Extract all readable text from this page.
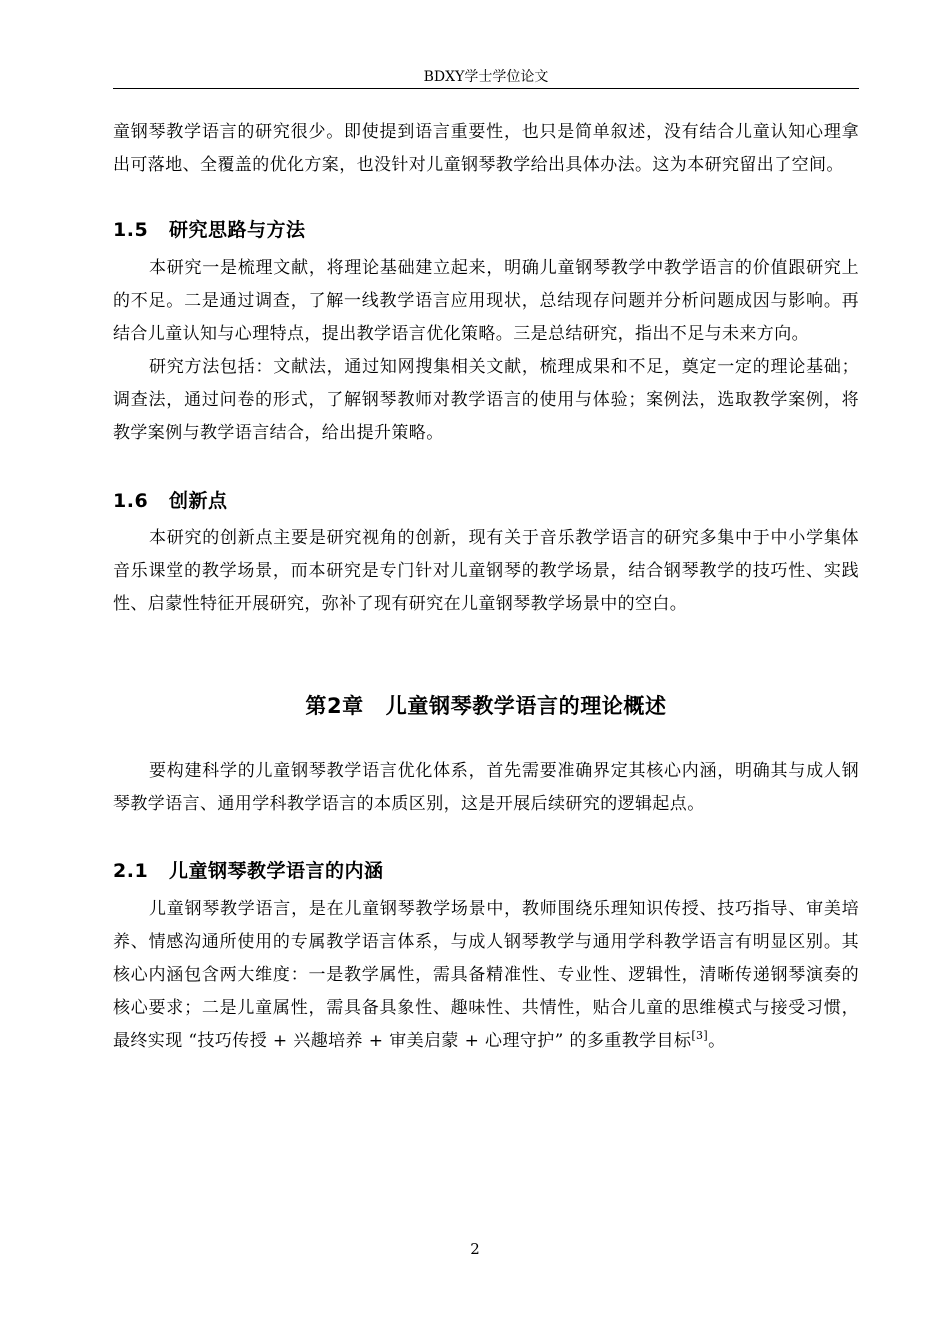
BDXY学士学位论文

童钢琴教学语言的研究很少。即使提到语言重要性，也只是简单叙述，没有结合儿童认知心理拿出可落地、全覆盖的优化方案，也没针对儿童钢琴教学给出具体办法。这为本研究留出了空间。

1.5 研究思路与方法

本研究一是梳理文献，将理论基础建立起来，明确儿童钢琴教学中教学语言的价值跟研究上的不足。二是通过调查，了解一线教学语言应用现状，总结现存问题并分析问题成因与影响。再结合儿童认知与心理特点，提出教学语言优化策略。三是总结研究，指出不足与未来方向。

研究方法包括：文献法，通过知网搜集相关文献，梳理成果和不足，奠定一定的理论基础；调查法，通过问卷的形式，了解钢琴教师对教学语言的使用与体验；案例法，选取教学案例，将教学案例与教学语言结合，给出提升策略。

1.6 创新点

本研究的创新点主要是研究视角的创新，现有关于音乐教学语言的研究多集中于中小学集体音乐课堂的教学场景，而本研究是专门针对儿童钢琴的教学场景，结合钢琴教学的技巧性、实践性、启蒙性特征开展研究，弥补了现有研究在儿童钢琴教学场景中的空白。

第2章 儿童钢琴教学语言的理论概述

要构建科学的儿童钢琴教学语言优化体系，首先需要准确界定其核心内涵，明确其与成人钢琴教学语言、通用学科教学语言的本质区别，这是开展后续研究的逻辑起点。

2.1 儿童钢琴教学语言的内涵

儿童钢琴教学语言，是在儿童钢琴教学场景中，教师围绕乐理知识传授、技巧指导、审美培养、情感沟通所使用的专属教学语言体系，与成人钢琴教学与通用学科教学语言有明显区别。其核心内涵包含两大维度：一是教学属性，需具备精准性、专业性、逻辑性，清晰传递钢琴演奏的核心要求；二是儿童属性，需具备具象性、趣味性、共情性，贴合儿童的思维模式与接受习惯，最终实现 “技巧传授 + 兴趣培养 + 审美启蒙 + 心理守护” 的多重教学目标[3]。

2
